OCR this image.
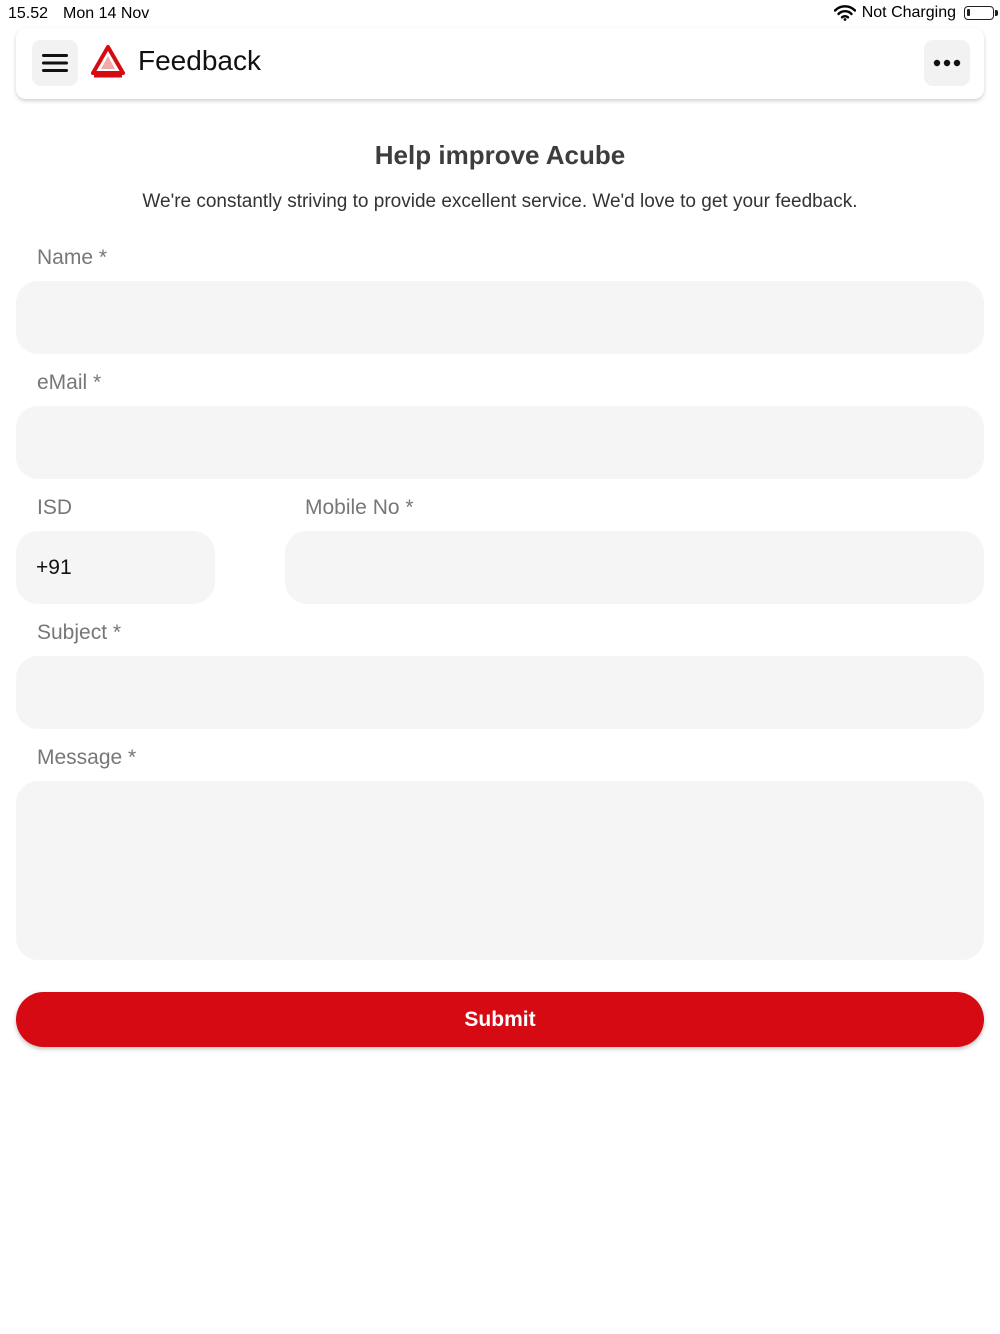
15.52 Mon 14 Nov	Not Charging
Feedback
Help improve Acube
We're constantly striving to provide excellent service. We'd love to get your feedback.
Name *
eMail *
ISD
+91	Mobile No *
Subject *
Message *
Submit
